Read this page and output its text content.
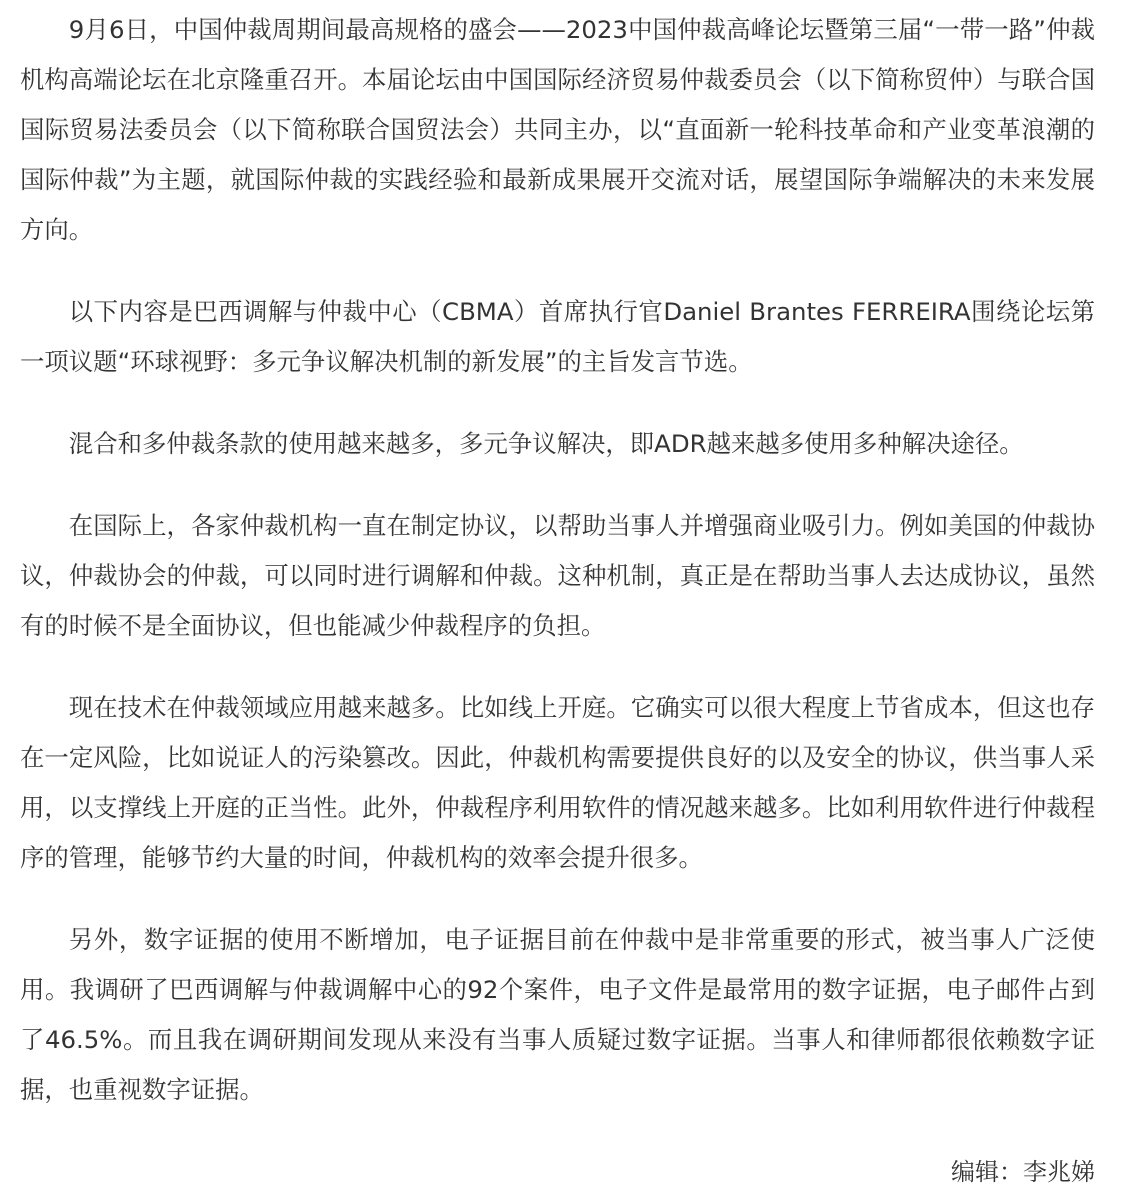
9月6日，中国仲裁周期间最高规格的盛会——2023中国仲裁高峰论坛暨第三届“一带一路”仲裁机构高端论坛在北京隆重召开。本届论坛由中国国际经济贸易仲裁委员会（以下简称贸仲）与联合国国际贸易法委员会（以下简称联合国贸法会）共同主办，以“直面新一轮科技革命和产业变革浪潮的国际仲裁”为主题，就国际仲裁的实践经验和最新成果展开交流对话，展望国际争端解决的未来发展方向。

以下内容是巴西调解与仲裁中心（CBMA）首席执行官Daniel Brantes FERREIRA围绕论坛第一项议题“环球视野：多元争议解决机制的新发展”的主旨发言节选。

混合和多仲裁条款的使用越来越多，多元争议解决，即ADR越来越多使用多种解决途径。

在国际上，各家仲裁机构一直在制定协议，以帮助当事人并增强商业吸引力。例如美国的仲裁协议，仲裁协会的仲裁，可以同时进行调解和仲裁。这种机制，真正是在帮助当事人去达成协议，虽然有的时候不是全面协议，但也能减少仲裁程序的负担。

现在技术在仲裁领域应用越来越多。比如线上开庭。它确实可以很大程度上节省成本，但这也存在一定风险，比如说证人的污染篡改。因此，仲裁机构需要提供良好的以及安全的协议，供当事人采用，以支撑线上开庭的正当性。此外，仲裁程序利用软件的情况越来越多。比如利用软件进行仲裁程序的管理，能够节约大量的时间，仲裁机构的效率会提升很多。

另外，数字证据的使用不断增加，电子证据目前在仲裁中是非常重要的形式，被当事人广泛使用。我调研了巴西调解与仲裁调解中心的92个案件，电子文件是最常用的数字证据，电子邮件占到了46.5%。而且我在调研期间发现从来没有当事人质疑过数字证据。当事人和律师都很依赖数字证据，也重视数字证据。

编辑：李兆娣
